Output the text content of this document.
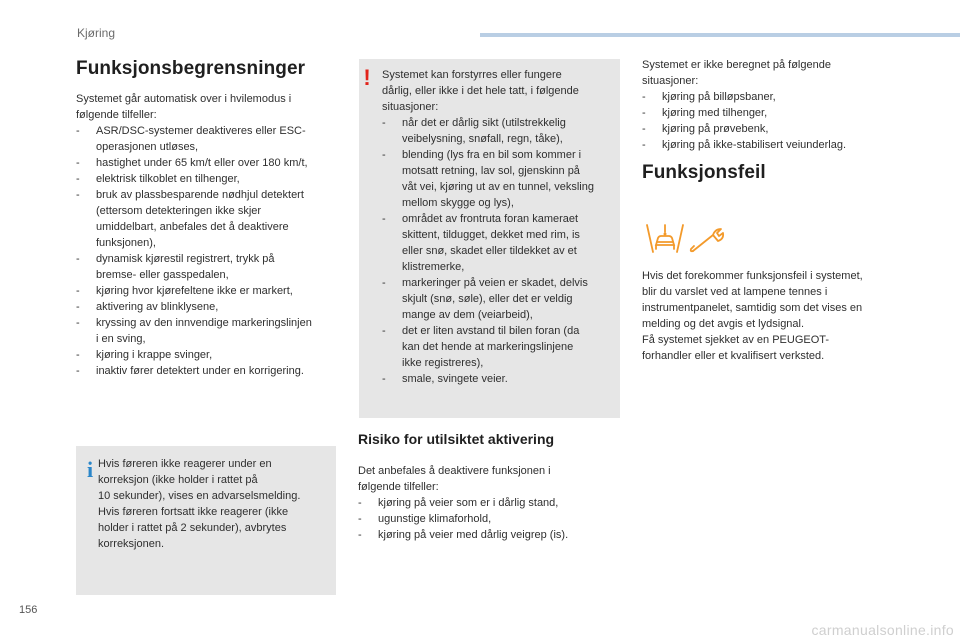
Kjøring
Funksjonsbegrensninger

Systemet går automatisk over i hvilemodus i
følgende tilfeller:

- ASR/DSC-systemer deaktiveres eller ESC-
operasjonen utløses,
- hastighet under 65 km/t eller over 180 km/t,
- elektrisk tilkoblet en tilhenger,
- bruk av plassbesparende nødhjul detektert
(ettersom detekteringen ikke skjer
umiddelbart, anbefales det å deaktivere
funksjonen),
- dynamisk kjørestil registrert, trykk på
bremse- eller gasspedalen,
- kjøring hvor kjørefeltene ikke er markert,
- aktivering av blinklysene,
- kryssing av den innvendige markeringslinjen
i en sving,
- kjøring i krappe svinger,
- inaktiv fører detektert under en korrigering.
i Hvis føreren ikke reagerer under en
korreksjon (ikke holder i rattet på
10 sekunder), vises en advarselsmelding.
Hvis føreren fortsatt ikke reagerer (ikke
holder i rattet på 2 sekunder), avbrytes
korreksjonen.
! Systemet kan forstyrres eller fungere
dårlig, eller ikke i det hele tatt, i følgende
situasjoner:

- når det er dårlig sikt (utilstrekkelig
veibelysning, snøfall, regn, tåke),
- blending (lys fra en bil som kommer i
motsatt retning, lav sol, gjenskinn på
våt vei, kjøring ut av en tunnel, veksling
mellom skygge og lys),
- området av frontruta foran kameraet
skittent, tildugget, dekket med rim, is
eller snø, skadet eller tildekket av et
klistremerke,
- markeringer på veien er skadet, delvis
skjult (snø, søle), eller det er veldig
mange av dem (veiarbeid),
- det er liten avstand til bilen foran (da
kan det hende at markeringslinjene
ikke registreres),
- smale, svingete veier.
Risiko for utilsiktet aktivering

Det anbefales å deaktivere funksjonen i
følgende tilfeller:

- kjøring på veier som er i dårlig stand,
- ugunstige klimaforhold,
- kjøring på veier med dårlig veigrep (is).

Systemet er ikke beregnet på følgende
situasjoner:

- kjøring på billøpsbaner,
- kjøring med tilhenger,
- kjøring på prøvebenk,
- kjøring på ikke-stabilisert veiunderlag.
Funksjonsfeil
Hvis det forekommer funksjonsfeil i systemet,
blir du varslet ved at lampene tennes i
instrumentpanelet, samtidig som det vises en
melding og det avgis et lydsignal.
Få systemet sjekket av en PEUGEOT-
forhandler eller et kvalifisert verksted.
156
carmanualsonline.info
